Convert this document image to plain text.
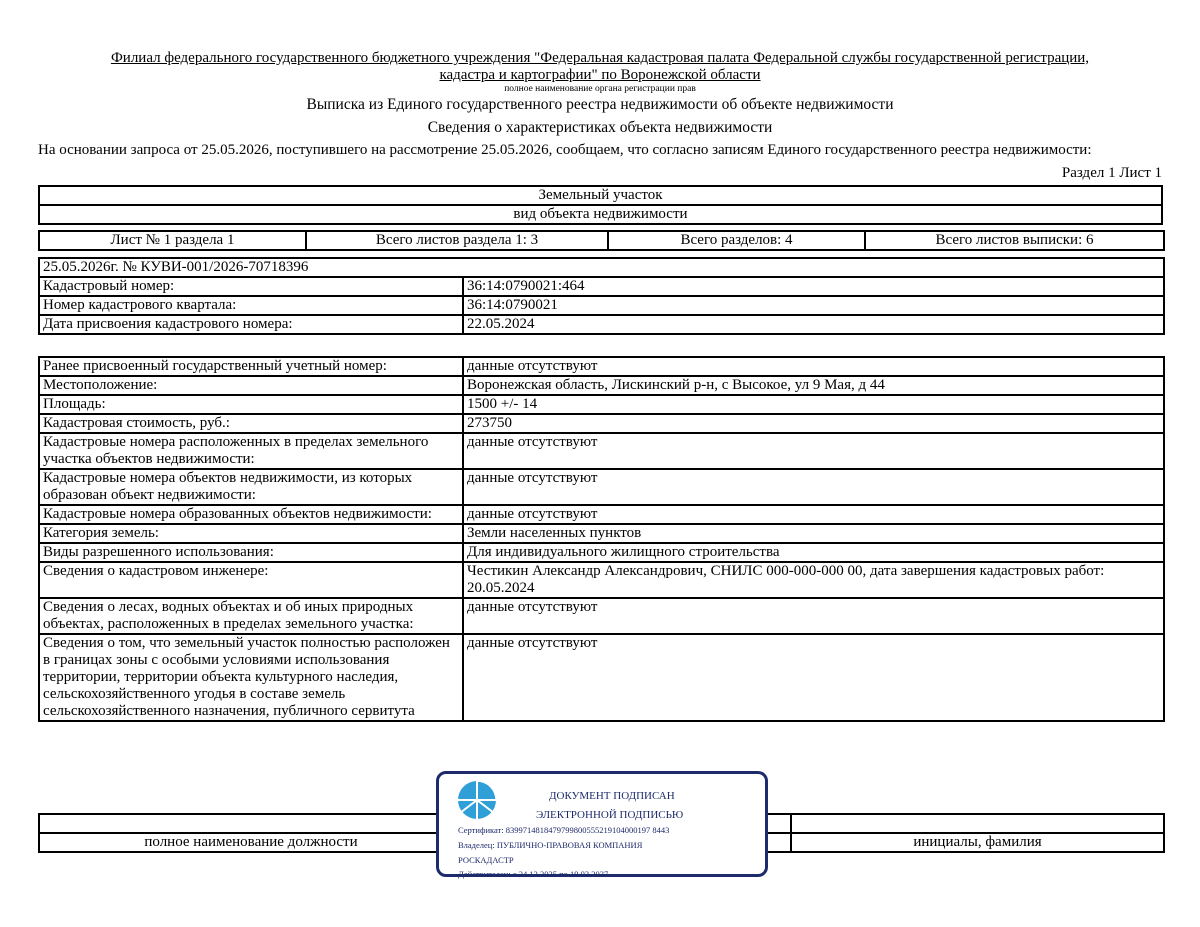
Филиал федерального государственного бюджетного учреждения "Федеральная кадастровая палата Федеральной службы государственной регистрации,
кадастра и картографии" по Воронежской области
полное наименование органа регистрации прав
Выписка из Единого государственного реестра недвижимости об объекте недвижимости
Сведения о характеристиках объекта недвижимости
На основании запроса от 25.05.2026, поступившего на рассмотрение 25.05.2026, сообщаем, что согласно записям Единого государственного реестра недвижимости:
Раздел 1 Лист 1
Земельный участок
вид объекта недвижимости
Лист № 1 раздела 1	Всего листов раздела 1: 3	Всего разделов: 4	Всего листов выписки: 6
25.05.2026г. № КУВИ-001/2026-70718396	
Кадастровый номер:	36:14:0790021:464
Номер кадастрового квартала:	36:14:0790021
Дата присвоения кадастрового номера:	22.05.2024
Ранее присвоенный государственный учетный номер:	данные отсутствуют
Местоположение:	Воронежская область, Лискинский р-н, с Высокое, ул 9 Мая, д 44
Площадь:	1500 +/- 14
Кадастровая стоимость, руб.:	273750
Кадастровые номера расположенных в пределах земельного участка объектов недвижимости:	данные отсутствуют
Кадастровые номера объектов недвижимости, из которых образован объект недвижимости:	данные отсутствуют
Кадастровые номера образованных объектов недвижимости:	данные отсутствуют
Категория земель:	Земли населенных пунктов
Виды разрешенного использования:	Для индивидуального жилищного строительства
Сведения о кадастровом инженере:	Честикин Александр Александрович, СНИЛС 000-000-000 00, дата завершения кадастровых работ: 20.05.2024
Сведения о лесах, водных объектах и об иных природных объектах, расположенных в пределах земельного участка:	данные отсутствуют
Сведения о том, что земельный участок полностью расположен в границах зоны с особыми условиями использования территории, территории объекта культурного наследия, сельскохозяйственного угодья в составе земель сельскохозяйственного назначения, публичного сервитута	данные отсутствуют

полное наименование должности		инициалы, фамилия
ДОКУМЕНТ ПОДПИСАН
ЭЛЕКТРОННОЙ ПОДПИСЬЮ
Сертификат: 8399714818479799800555219104000197 8443
Владелец: ПУБЛИЧНО-ПРАВОВАЯ КОМПАНИЯ
РОСКАДАСТР
Действителен: с 24.12.2025 по 19.03.2027
